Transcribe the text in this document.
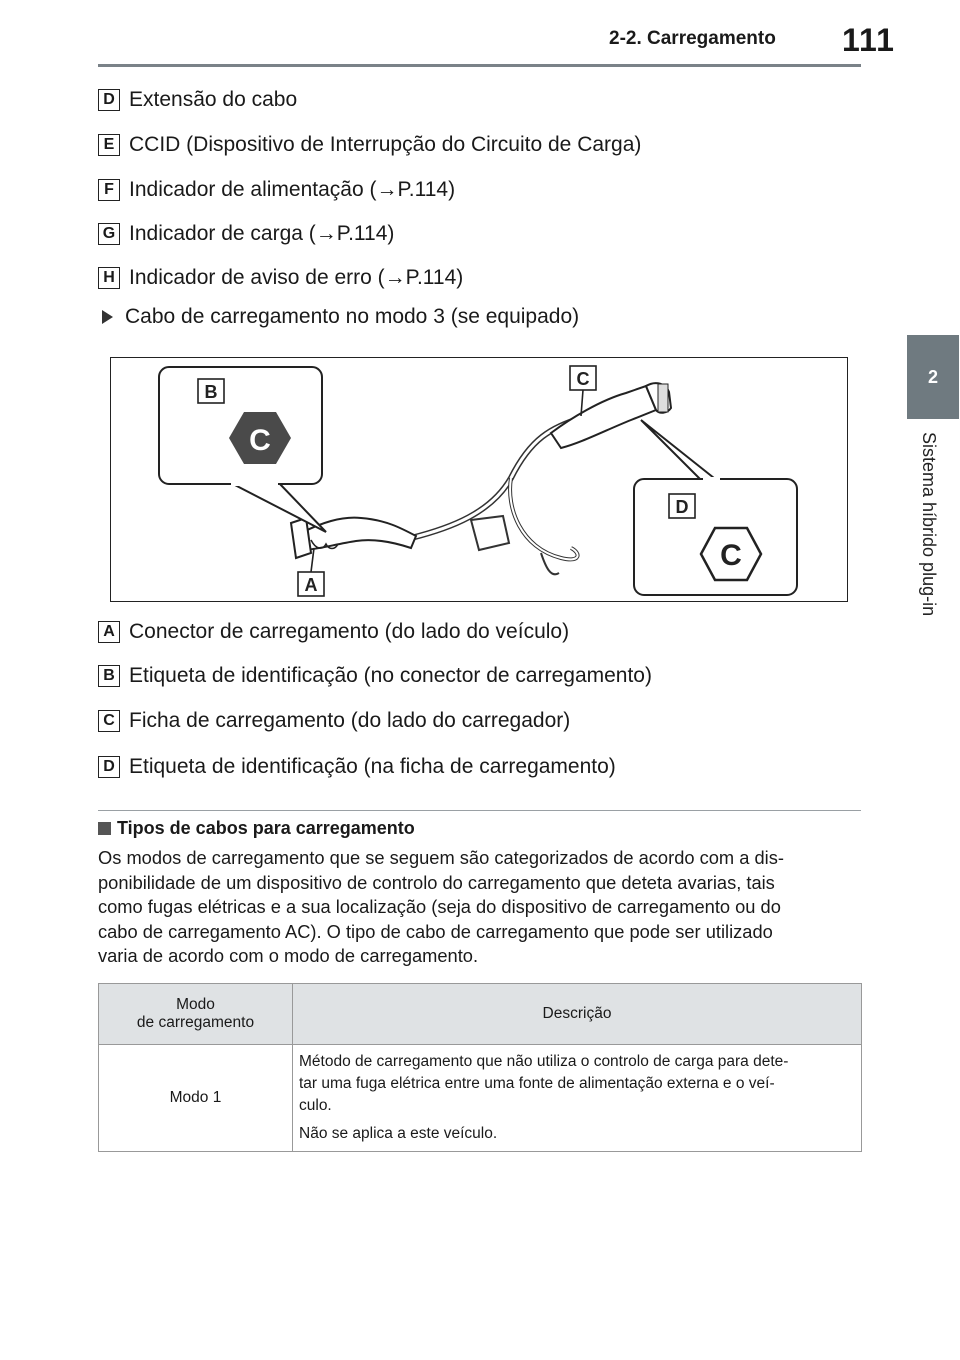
2-2. Carregamento 111
2
Sistema híbrido plug-in
D Extensão do cabo
E CCID (Dispositivo de Interrupção do Circuito de Carga)
F Indicador de alimentação (→P.114)
G Indicador de carga (→P.114)
H Indicador de aviso de erro (→P.114)
Cabo de carregamento no modo 3 (se equipado)
C
C
B
C
D
A
A Conector de carregamento (do lado do veículo)
B Etiqueta de identificação (no conector de carregamento)
C Ficha de carregamento (do lado do carregador)
D Etiqueta de identificação (na ficha de carregamento)
Tipos de cabos para carregamento
Os modos de carregamento que se seguem são categorizados de acordo com a dis-
ponibilidade de um dispositivo de controlo do carregamento que deteta avarias, tais
como fugas elétricas e a sua localização (seja do dispositivo de carregamento ou do
cabo de carregamento AC). O tipo de cabo de carregamento que pode ser utilizado
varia de acordo com o modo de carregamento.
Modo
de carregamento	Descrição
Modo 1	Método de carregamento que não utiliza o controlo de carga para dete-
tar uma fuga elétrica entre uma fonte de alimentação externa e o veí-
culo.

Não se aplica a este veículo.
